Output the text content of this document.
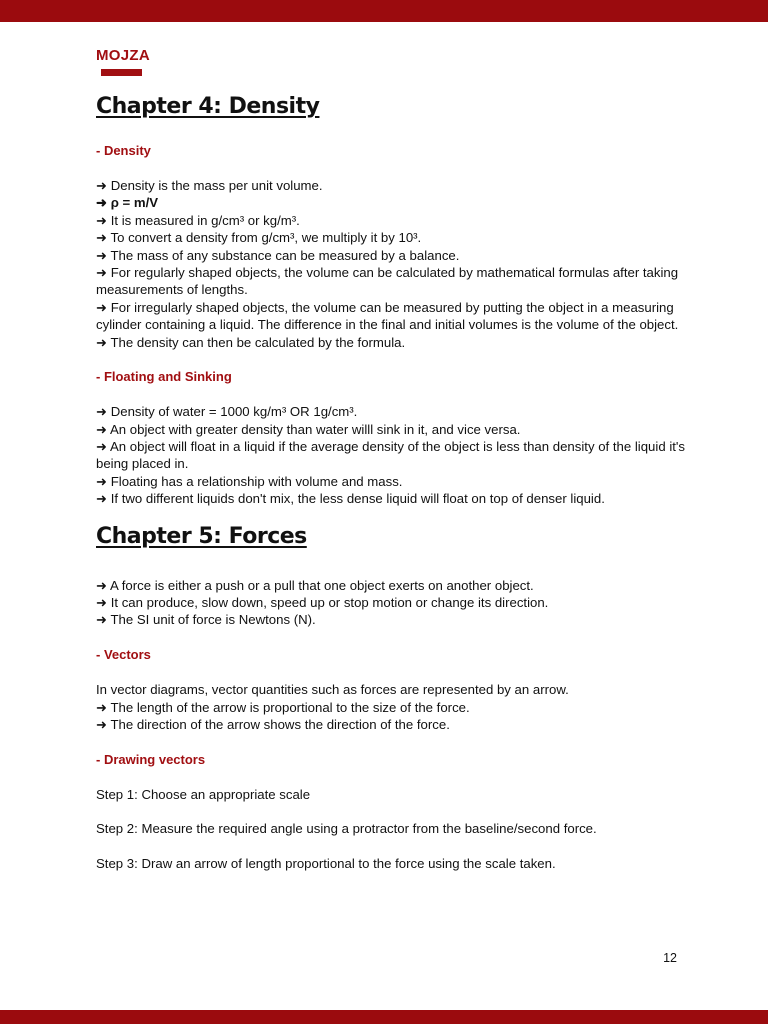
MOJZA
Chapter 4: Density
- Density
➜ Density is the mass per unit volume.
➜ ρ = m/V
➜ It is measured in g/cm³ or kg/m³.
➜ To convert a density from g/cm³, we multiply it by 10³.
➜ The mass of any substance can be measured by a balance.
➜ For regularly shaped objects, the volume can be calculated by mathematical formulas after taking measurements of lengths.
➜ For irregularly shaped objects, the volume can be measured by putting the object in a measuring cylinder containing a liquid. The difference in the final and initial volumes is the volume of the object.
➜ The density can then be calculated by the formula.
- Floating and Sinking
➜ Density of water = 1000 kg/m³ OR 1g/cm³.
➜ An object with greater density than water willl sink in it, and vice versa.
➜ An object will float in a liquid if the average density of the object is less than density of the liquid it's being placed in.
➜ Floating has a relationship with volume and mass.
➜ If two different liquids don't mix, the less dense liquid will float on top of denser liquid.
Chapter 5: Forces
➜ A force is either a push or a pull that one object exerts on another object.
➜ It can produce, slow down, speed up or stop motion or change its direction.
➜ The SI unit of force is Newtons (N).
- Vectors
In vector diagrams, vector quantities such as forces are represented by an arrow.
➜ The length of the arrow is proportional to the size of the force.
➜ The direction of the arrow shows the direction of the force.
- Drawing vectors
Step 1: Choose an appropriate scale
Step 2: Measure the required angle using a protractor from the baseline/second force.
Step 3: Draw an arrow of length proportional to the force using the scale taken.
12
